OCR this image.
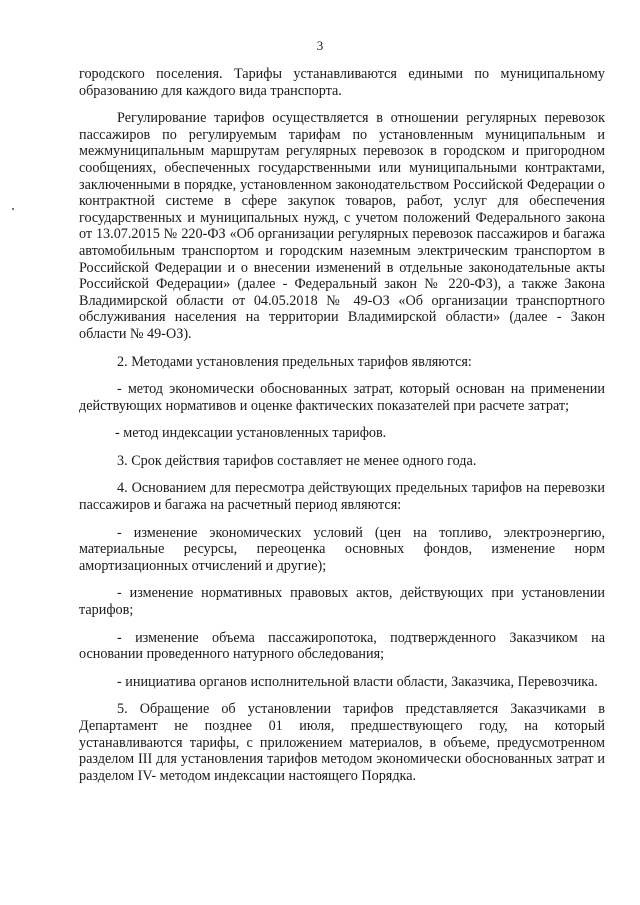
3

городского поселения. Тарифы устанавливаются едиными по муниципальному образованию для каждого вида транспорта.

Регулирование тарифов осуществляется в отношении регулярных перевозок пассажиров по регулируемым тарифам по установленным муниципальным и межмуниципальным маршрутам регулярных перевозок в городском и пригородном сообщениях, обеспеченных государственными или муниципальными контрактами, заключенными в порядке, установленном законодательством Российской Федерации о контрактной системе в сфере закупок товаров, работ, услуг для обеспечения государственных и муниципальных нужд, с учетом положений Федерального закона от 13.07.2015 № 220-ФЗ «Об организации регулярных перевозок пассажиров и багажа автомобильным транспортом и городским наземным электрическим транспортом в Российской Федерации и о внесении изменений в отдельные законодательные акты Российской Федерации» (далее - Федеральный закон № 220-ФЗ), а также Закона Владимирской области от 04.05.2018 № 49-ОЗ «Об организации транспортного обслуживания населения на территории Владимирской области» (далее - Закон области № 49-ОЗ).

2. Методами установления предельных тарифов являются:

- метод экономически обоснованных затрат, который основан на применении действующих нормативов и оценке фактических показателей при расчете затрат;

- метод индексации установленных тарифов.

3. Срок действия тарифов составляет не менее одного года.

4. Основанием для пересмотра действующих предельных тарифов на перевозки пассажиров и багажа на расчетный период являются:

- изменение экономических условий (цен на топливо, электроэнергию, материальные ресурсы, переоценка основных фондов, изменение норм амортизационных отчислений и другие);

- изменение нормативных правовых актов, действующих при установлении тарифов;

- изменение объема пассажиропотока, подтвержденного Заказчиком на основании проведенного натурного обследования;

- инициатива органов исполнительной власти области, Заказчика, Перевозчика.

5. Обращение об установлении тарифов представляется Заказчиками в Департамент не позднее 01 июля, предшествующего году, на который устанавливаются тарифы, с приложением материалов, в объеме, предусмотренном разделом III для установления тарифов методом экономически обоснованных затрат и разделом IV- методом индексации настоящего Порядка.
